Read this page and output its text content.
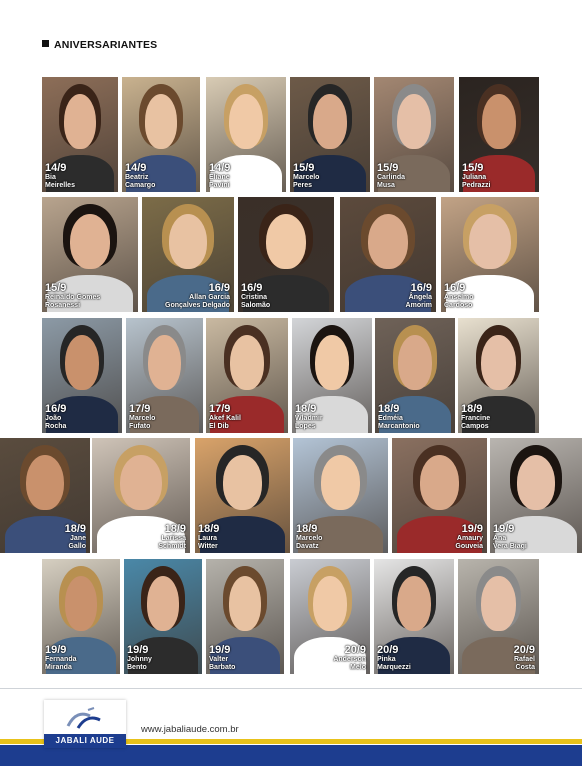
ANIVERSARIANTES
14/9
Bia
Meirelles
14/9
Beatriz
Camargo
14/9
Eliane
Pavini
15/9
Marcelo
Peres
15/9
Carlinda
Musa
15/9
Juliana
Pedrazzi
15/9
Reinaldo Gomes
Rosanessi
16/9
Allan Garcia
Gonçalves Delgado
16/9
Cristina
Salomão
16/9
Ângela
Amorim
16/9
Anselmo
Cardoso
16/9
João
Rocha
17/9
Marcelo
Fufato
17/9
Akef Kalil
El Dib
18/9
Wladmir
Lopes
18/9
Edméia
Marcantonio
18/9
Francine
Campos
18/9
Jane
Gallo
18/9
Larissa
Schmidt
18/9
Laura
Witter
18/9
Marcelo
Davatz
19/9
Amaury
Gouveia
19/9
Ana
Vera Biagi
19/9
Fernanda
Miranda
19/9
Johnny
Bento
19/9
Valter
Barbato
20/9
Anderson
Melo
20/9
Pinka
Marquezzi
20/9
Rafael
Costa
JABALI AUDE
www.jabaliaude.com.br
